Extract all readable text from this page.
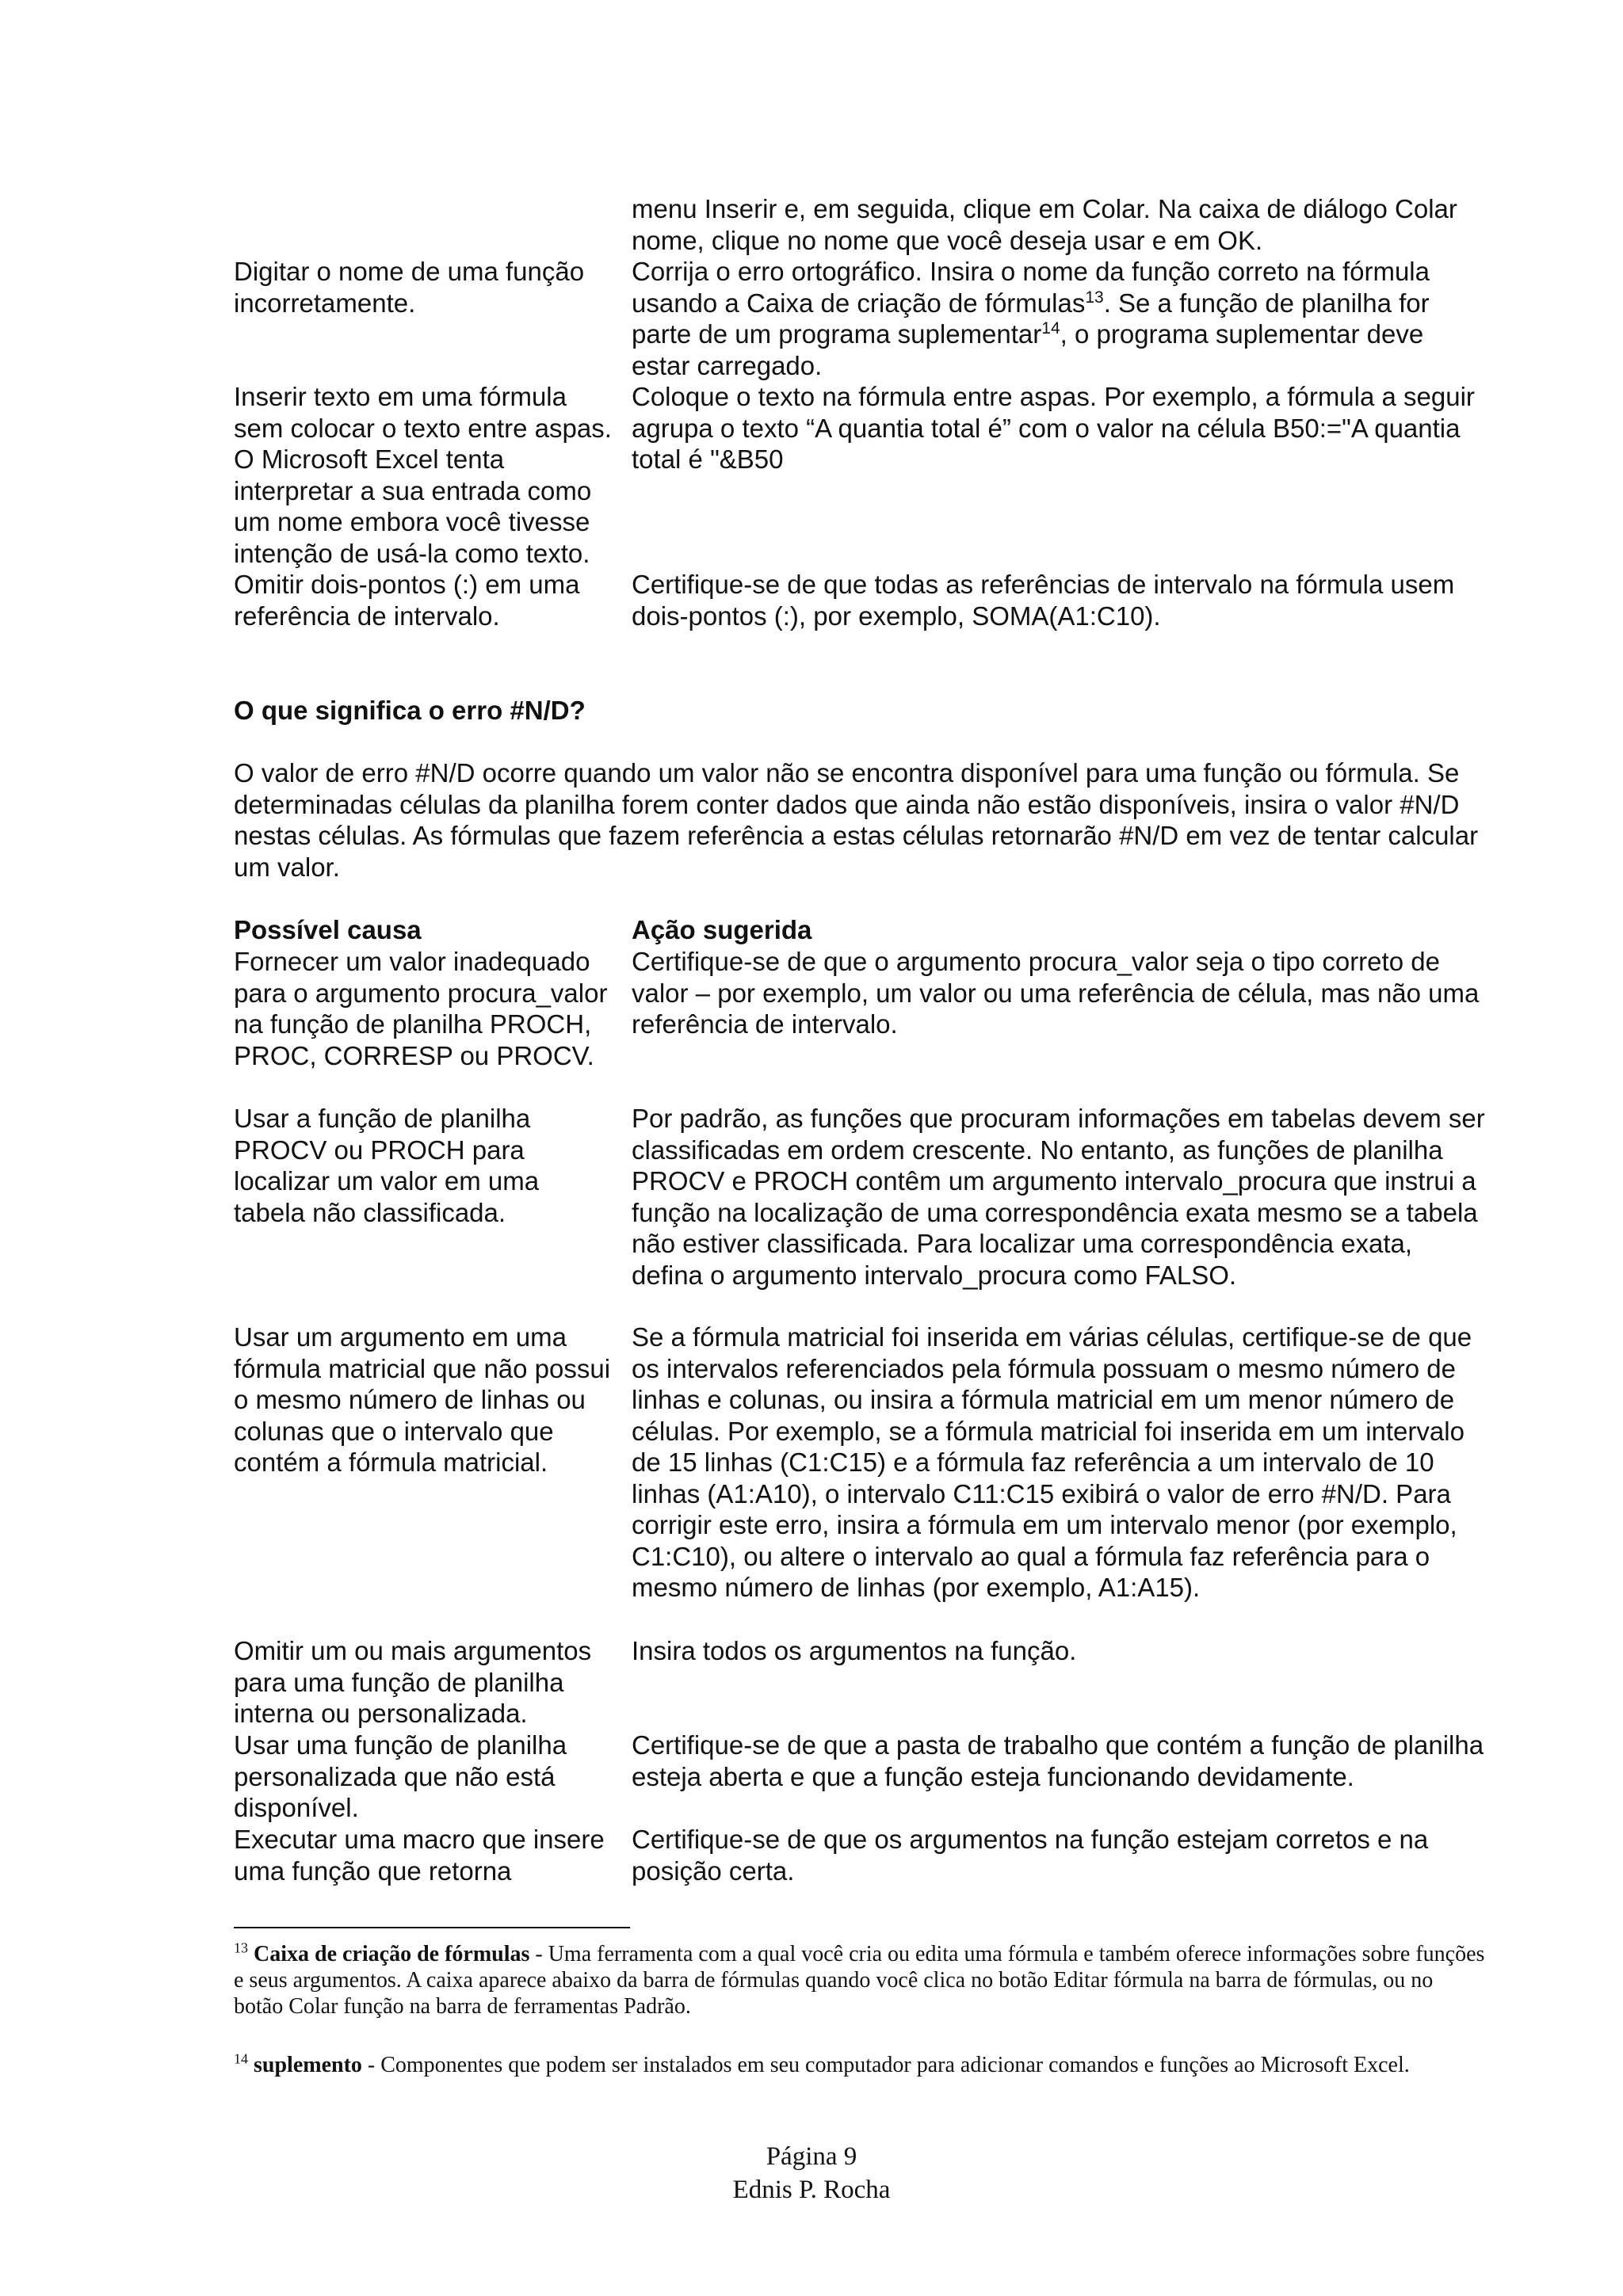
menu Inserir e, em seguida, clique em Colar. Na caixa de diálogo Colar nome, clique no nome que você deseja usar e em OK.
Digitar o nome de uma função incorretamente.
Corrija o erro ortográfico. Insira o nome da função correto na fórmula usando a Caixa de criação de fórmulas$^{13}$. Se a função de planilha for parte de um programa suplementar$^{14}$, o programa suplementar deve estar carregado.
Inserir texto em uma fórmula sem colocar o texto entre aspas. O Microsoft Excel tenta interpretar a sua entrada como um nome embora você tivesse intenção de usá-la como texto.
Coloque o texto na fórmula entre aspas. Por exemplo, a fórmula a seguir agrupa o texto “A quantia total é” com o valor na célula B50:="A quantia total é "&B50
Omitir dois-pontos (:) em uma referência de intervalo.
Certifique-se de que todas as referências de intervalo na fórmula usem dois-pontos (:), por exemplo, SOMA(A1:C10).
O que significa o erro #N/D?
O valor de erro #N/D ocorre quando um valor não se encontra disponível para uma função ou fórmula. Se determinadas células da planilha forem conter dados que ainda não estão disponíveis, insira o valor #N/D nestas células. As fórmulas que fazem referência a estas células retornarão #N/D em vez de tentar calcular um valor.
Possível causa	Ação sugerida
Fornecer um valor inadequado para o argumento procura_valor na função de planilha PROCH, PROC, CORRESP ou PROCV.
Certifique-se de que o argumento procura_valor seja o tipo correto de valor – por exemplo, um valor ou uma referência de célula, mas não uma referência de intervalo.
Usar a função de planilha PROCV ou PROCH para localizar um valor em uma tabela não classificada.
Por padrão, as funções que procuram informações em tabelas devem ser classificadas em ordem crescente. No entanto, as funções de planilha PROCV e PROCH contêm um argumento intervalo_procura que instrui a função na localização de uma correspondência exata mesmo se a tabela não estiver classificada. Para localizar uma correspondência exata, defina o argumento intervalo_procura como FALSO.
Usar um argumento em uma fórmula matricial que não possui o mesmo número de linhas ou colunas que o intervalo que contém a fórmula matricial.
Se a fórmula matricial foi inserida em várias células, certifique-se de que os intervalos referenciados pela fórmula possuam o mesmo número de linhas e colunas, ou insira a fórmula matricial em um menor número de células. Por exemplo, se a fórmula matricial foi inserida em um intervalo de 15 linhas (C1:C15) e a fórmula faz referência a um intervalo de 10 linhas (A1:A10), o intervalo C11:C15 exibirá o valor de erro #N/D. Para corrigir este erro, insira a fórmula em um intervalo menor (por exemplo, C1:C10), ou altere o intervalo ao qual a fórmula faz referência para o mesmo número de linhas (por exemplo, A1:A15).
Omitir um ou mais argumentos para uma função de planilha interna ou personalizada.
Insira todos os argumentos na função.
Usar uma função de planilha personalizada que não está disponível.
Certifique-se de que a pasta de trabalho que contém a função de planilha esteja aberta e que a função esteja funcionando devidamente.
Executar uma macro que insere uma função que retorna
Certifique-se de que os argumentos na função estejam corretos e na posição certa.
$^{13}$ Caixa de criação de fórmulas - Uma ferramenta com a qual você cria ou edita uma fórmula e também oferece informações sobre funções e seus argumentos. A caixa aparece abaixo da barra de fórmulas quando você clica no botão Editar fórmula na barra de fórmulas, ou no botão Colar função na barra de ferramentas Padrão.
$^{14}$ suplemento - Componentes que podem ser instalados em seu computador para adicionar comandos e funções ao Microsoft Excel.
Página 9
Ednis P. Rocha
